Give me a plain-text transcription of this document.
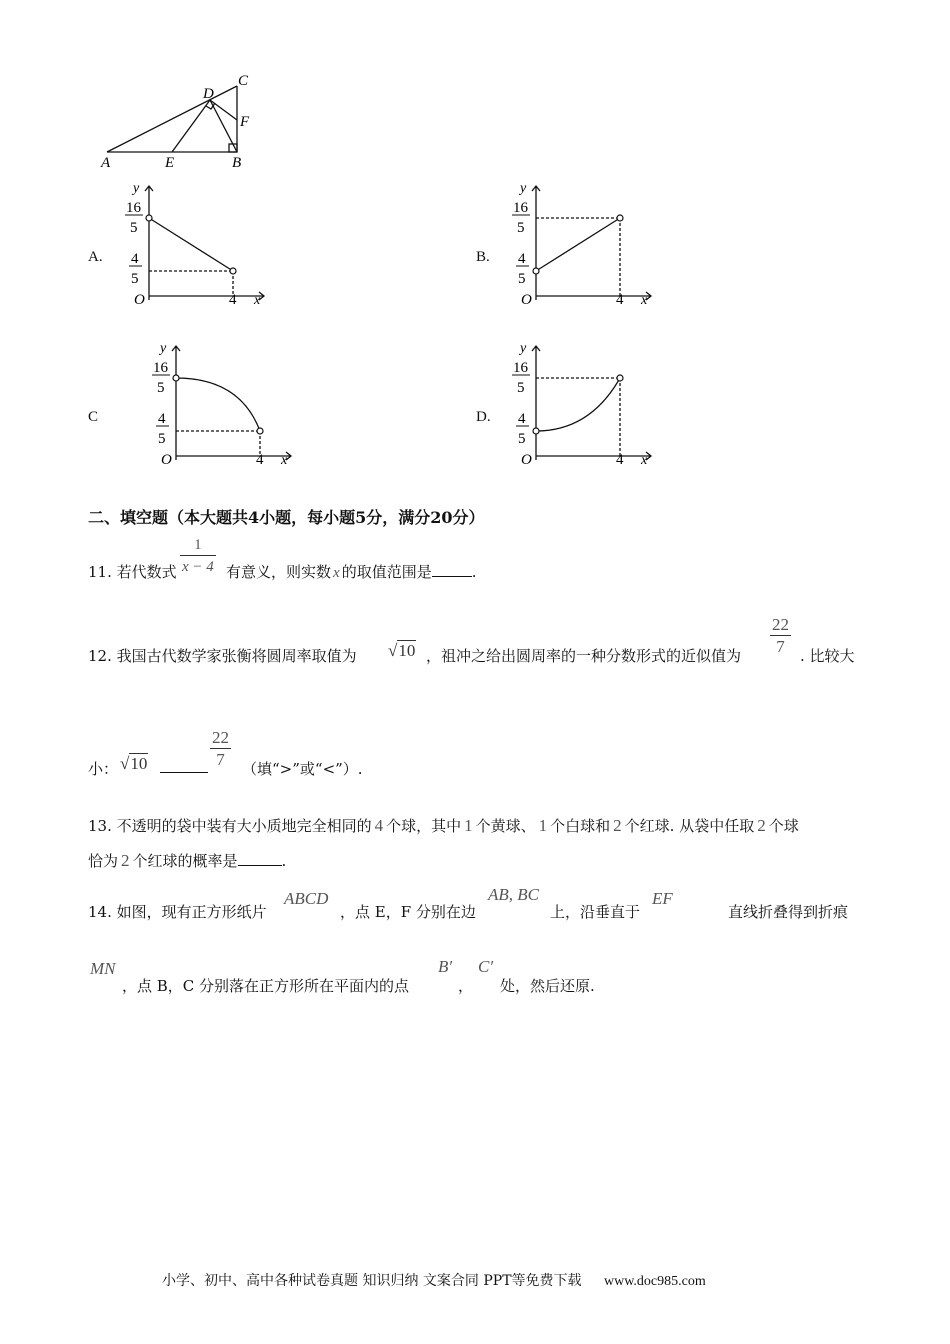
A	E	B
C
D
F
A.	B.
C	D.
y
16
5
4
5
O	4 x
y
16
5
4
5
O	4 x
y
16
5
4
5
O	4 x
y
16
5
4
5
O	4 x
二、填空题（本大题共4小题，每小题5分，满分20分）
11. 若代数式 $\frac{1}{x - 4}$ 有意义，则实数 x 的取值范围是	.
12. 我国古代数学家张衡将圆周率取值为 √10 ，祖冲之给出圆周率的一种分数形式的近似值为 $\frac{22}{7}$ . 比较大
小： √10	$\frac{22}{7}$ （填“>”或“<”）.
13. 不透明的袋中装有大小质地完全相同的 4 个球，其中 1 个黄球、 1 个白球和 2 个红球. 从袋中任取 2 个球
恰为 2 个红球的概率是	.
14. 如图，现有正方形纸片
ABCD
，点 E，F 分别在边
AB, BC
上，沿垂直于
EF
直线折叠得到折痕
MN
，点 B，C 分别落在正方形所在平面内的点
B′
，
C′
处，然后还原.
小学、初中、高中各种试卷真题 知识归纳 文案合同 PPT等免费下载 www.doc985.com
